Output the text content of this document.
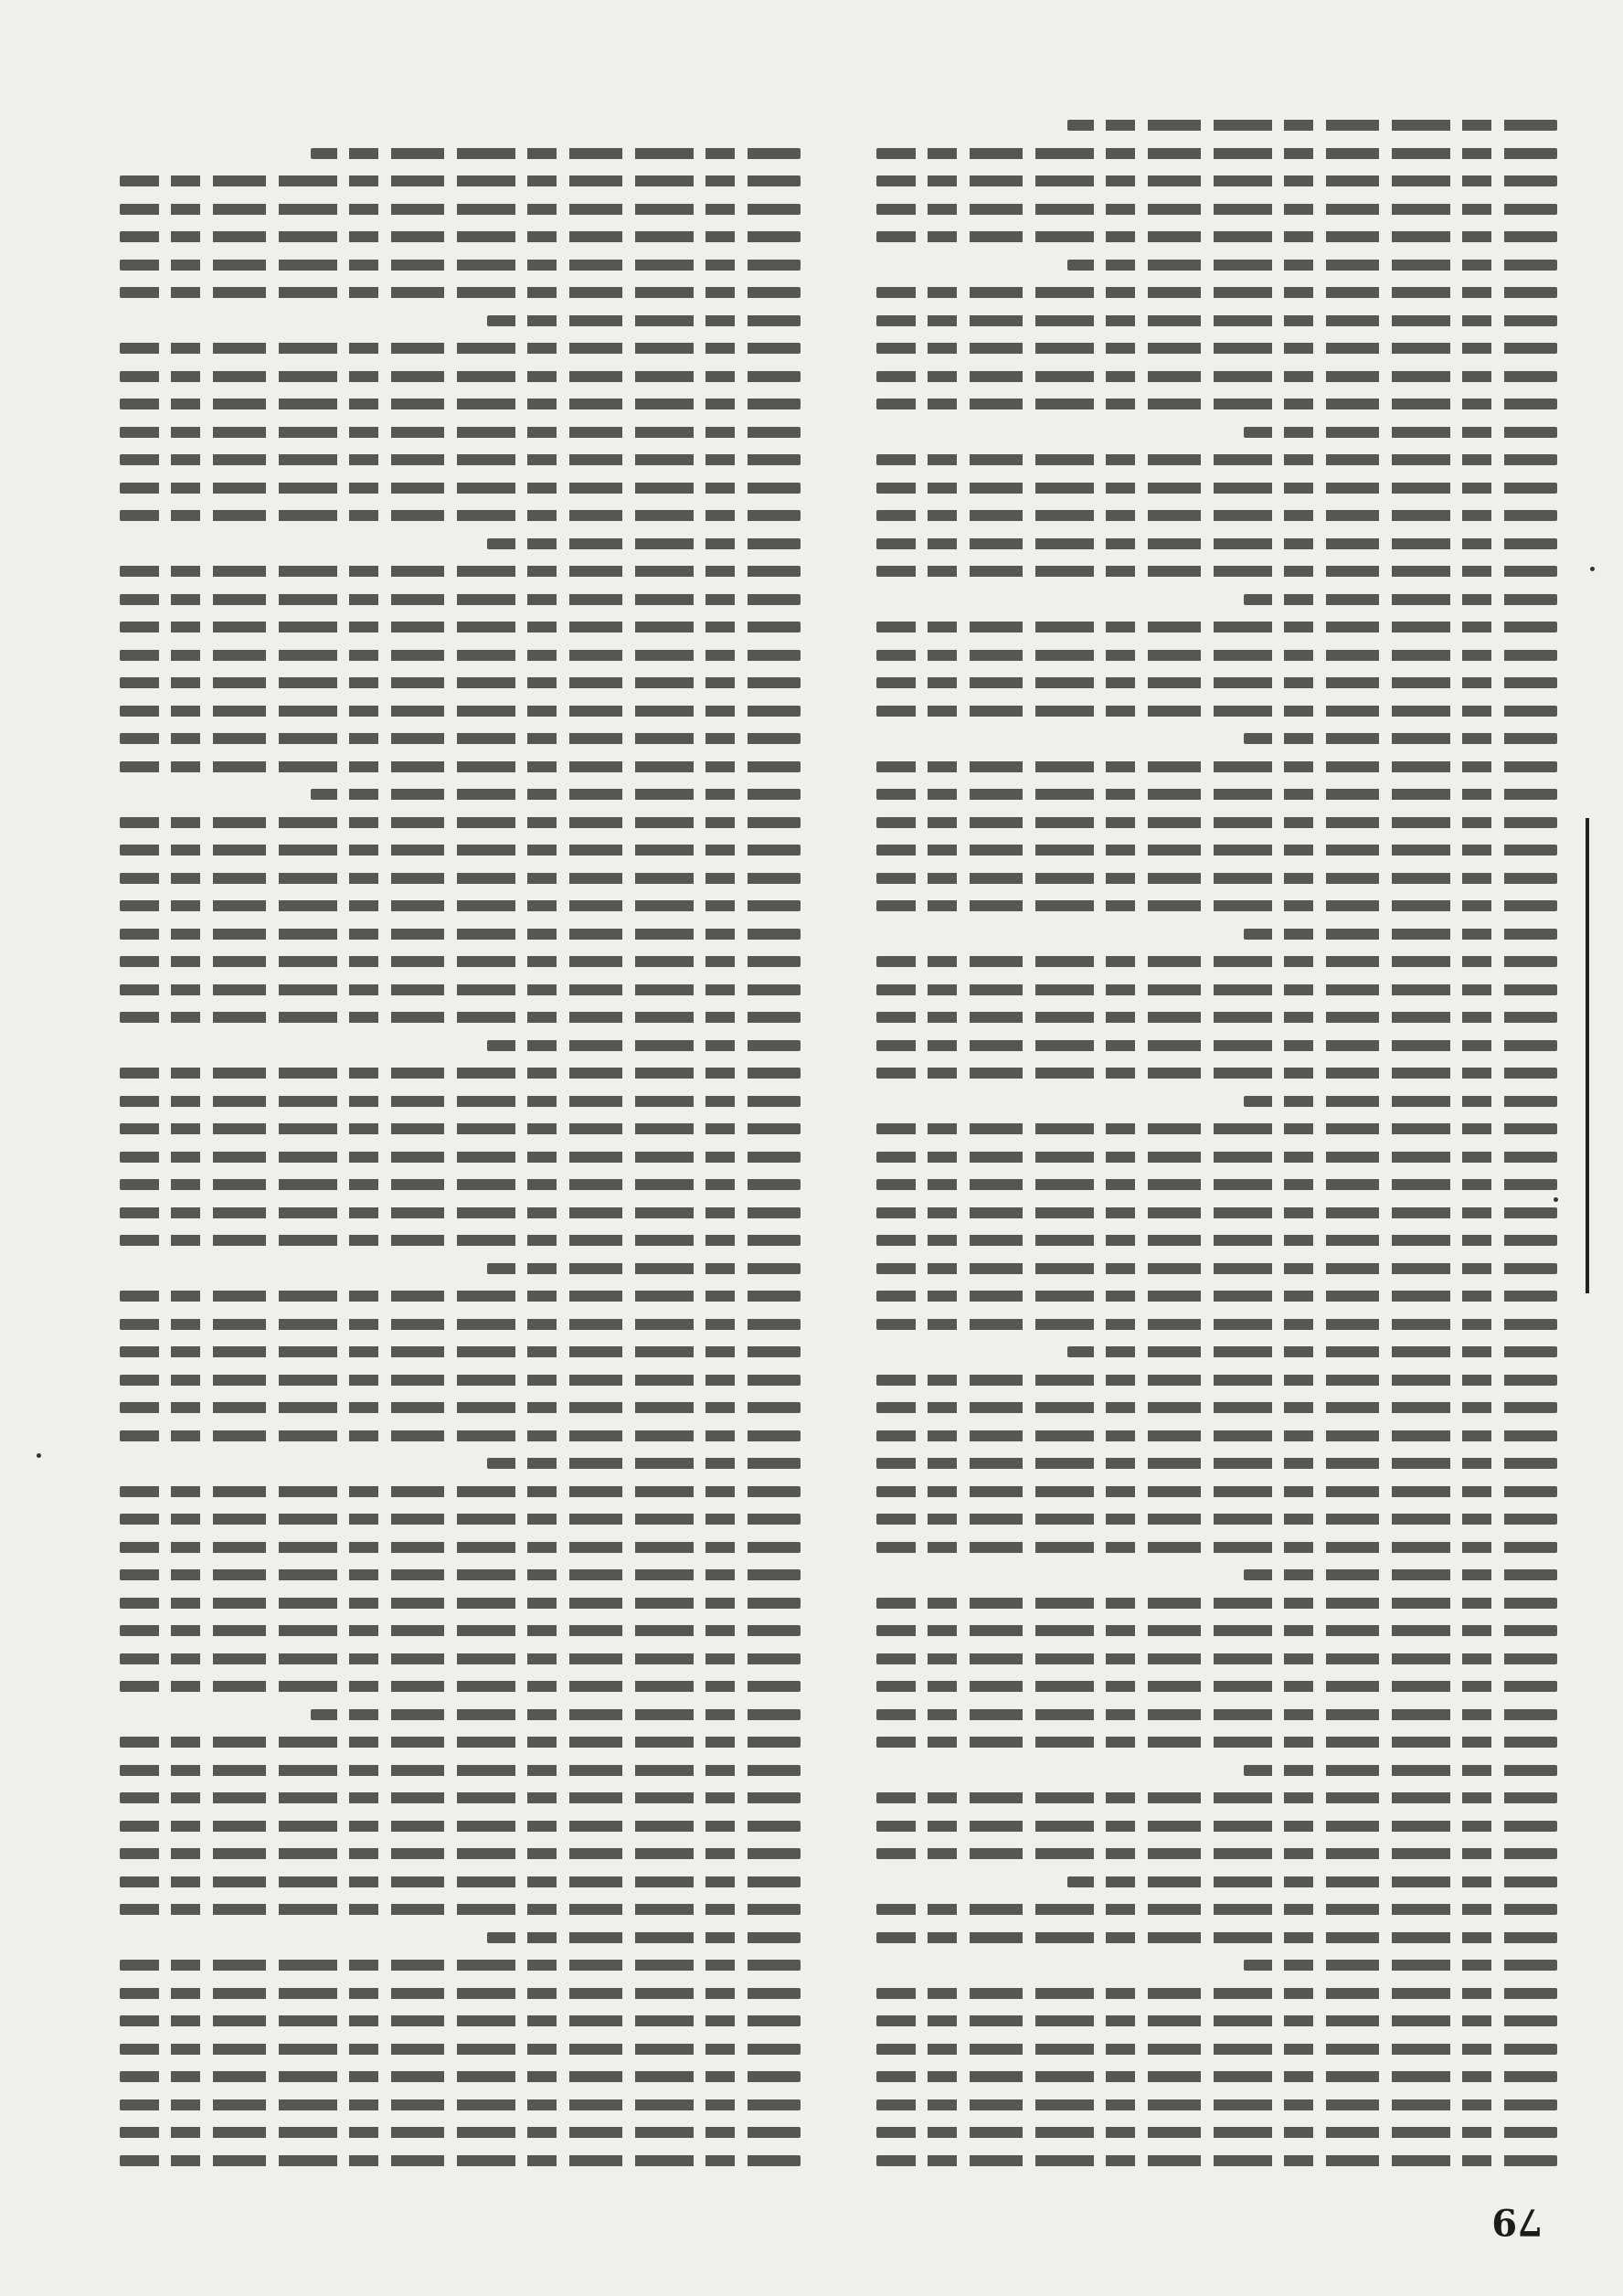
79
